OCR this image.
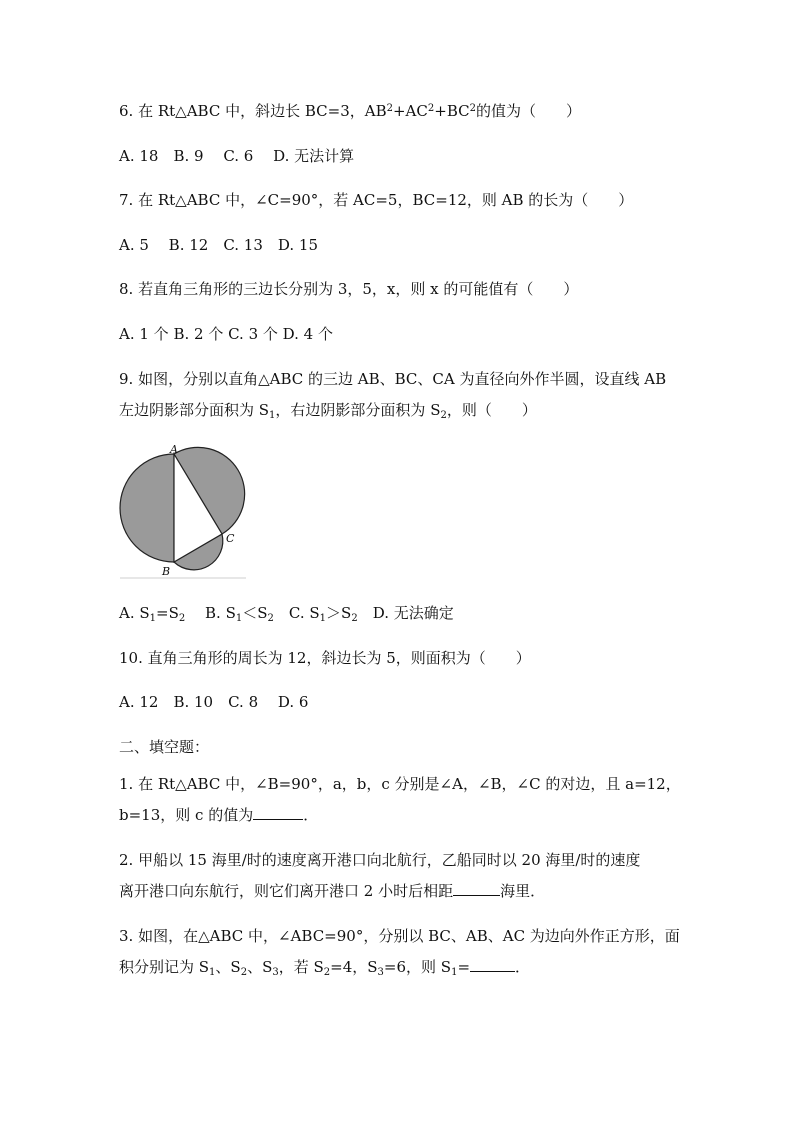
6. 在 Rt△ABC 中，斜边长 BC=3，$AB^2+AC^2+BC^2$的值为（　　）
A. 18　B. 9　 C. 6　 D. 无法计算
7. 在 Rt△ABC 中，∠C=90°，若 AC=5，BC=12，则 AB 的长为（　　）
A. 5　 B. 12　C. 13　D. 15
8. 若直角三角形的三边长分别为 3，5，x，则 x 的可能值有（　　）
A. 1 个 B. 2 个 C. 3 个 D. 4 个
9. 如图，分别以直角△ABC 的三边 AB、BC、CA 为直径向外作半圆，设直线 AB
左边阴影部分面积为 $S_1$，右边阴影部分面积为 $S_2$，则（　　）
A
B
C
A. $S_1=S_2$　 B. $S_1<S_2$　C. $S_1>S_2$　D. 无法确定
10. 直角三角形的周长为 12，斜边长为 5，则面积为（　　）
A. 12　B. 10　C. 8　 D. 6
二、填空题：
1. 在 Rt△ABC 中，∠B=90°，a，b，c 分别是∠A，∠B，∠C 的对边，且 a=12，
b=13，则 c 的值为	．
2. 甲船以 15 海里/时的速度离开港口向北航行，乙船同时以 20 海里/时的速度
离开港口向东航行，则它们离开港口 2 小时后相距	海里．
3. 如图，在△ABC 中，∠ABC=90°，分别以 BC、AB、AC 为边向外作正方形，面
积分别记为 $S_1$、$S_2$、$S_3$，若 $S_2=4$，$S_3=6$，则 $S_1=$	．
